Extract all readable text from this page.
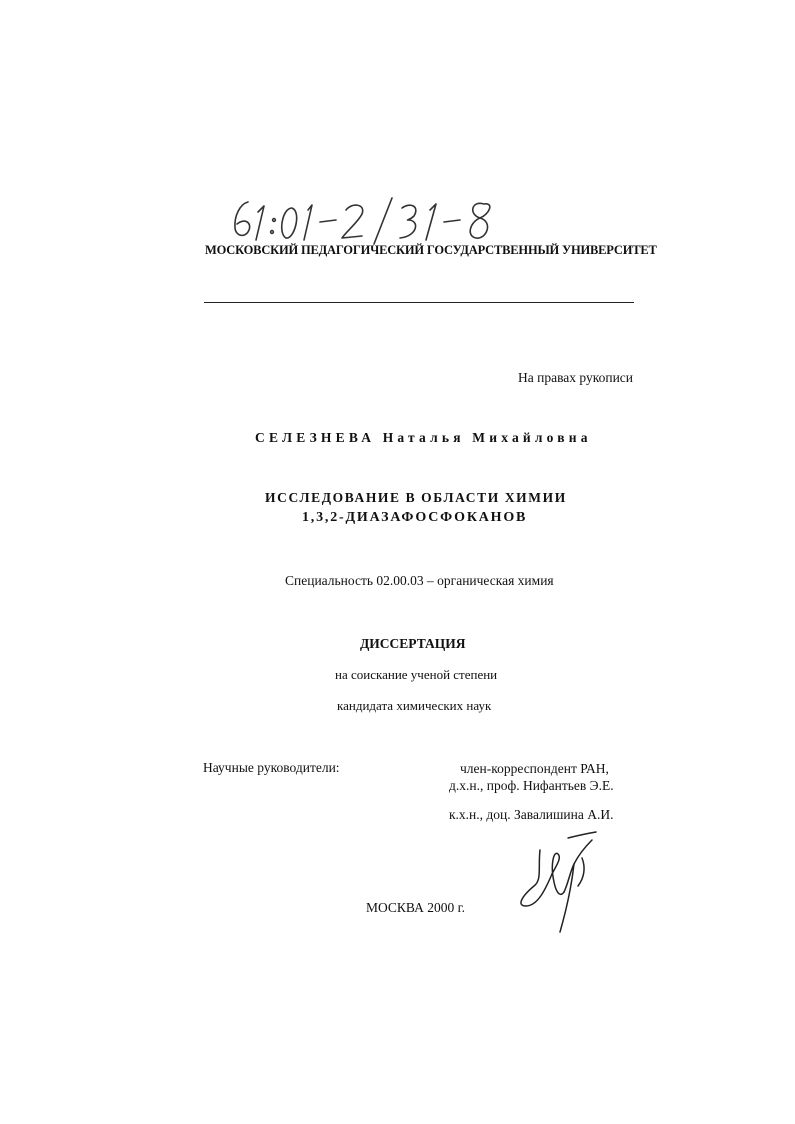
МОСКОВСКИЙ ПЕДАГОГИЧЕСКИЙ ГОСУДАРСТВЕННЫЙ УНИВЕРСИТЕТ
На правах рукописи
СЕЛЕЗНЕВА Наталья Михайловна
ИССЛЕДОВАНИЕ В ОБЛАСТИ ХИМИИ
1,3,2-ДИАЗАФОСФОКАНОВ
Специальность 02.00.03 – органическая химия
ДИССЕРТАЦИЯ
на соискание ученой степени
кандидата химических наук
Научные руководители:	член-корреспондент РАН,
д.х.н., проф. Нифантьев Э.Е.
к.х.н., доц. Завалишина А.И.
МОСКВА 2000 г.
